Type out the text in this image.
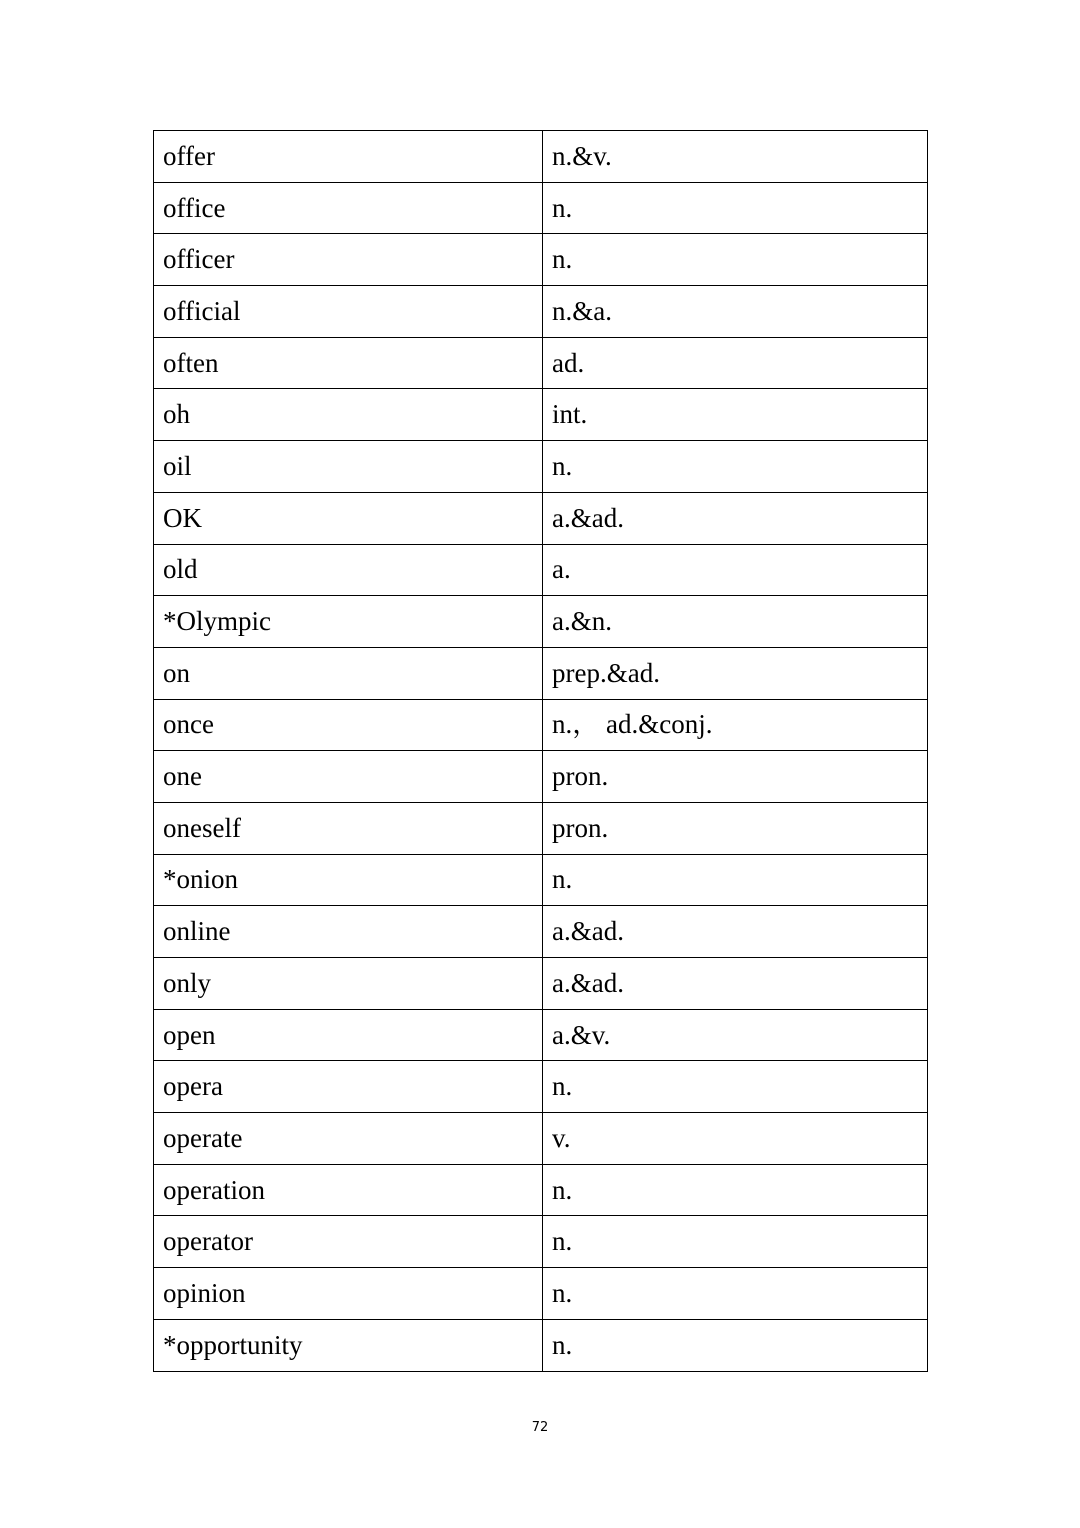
offer	n.&v.
office	n.
officer	n.
official	n.&a.
often	ad.
oh	int.
oil	n.
OK	a.&ad.
old	a.
*Olympic	a.&n.
on	prep.&ad.
once	n.， ad.&conj.
one	pron.
oneself	pron.
*onion	n.
online	a.&ad.
only	a.&ad.
open	a.&v.
opera	n.
operate	v.
operation	n.
operator	n.
opinion	n.
*opportunity	n.
72
